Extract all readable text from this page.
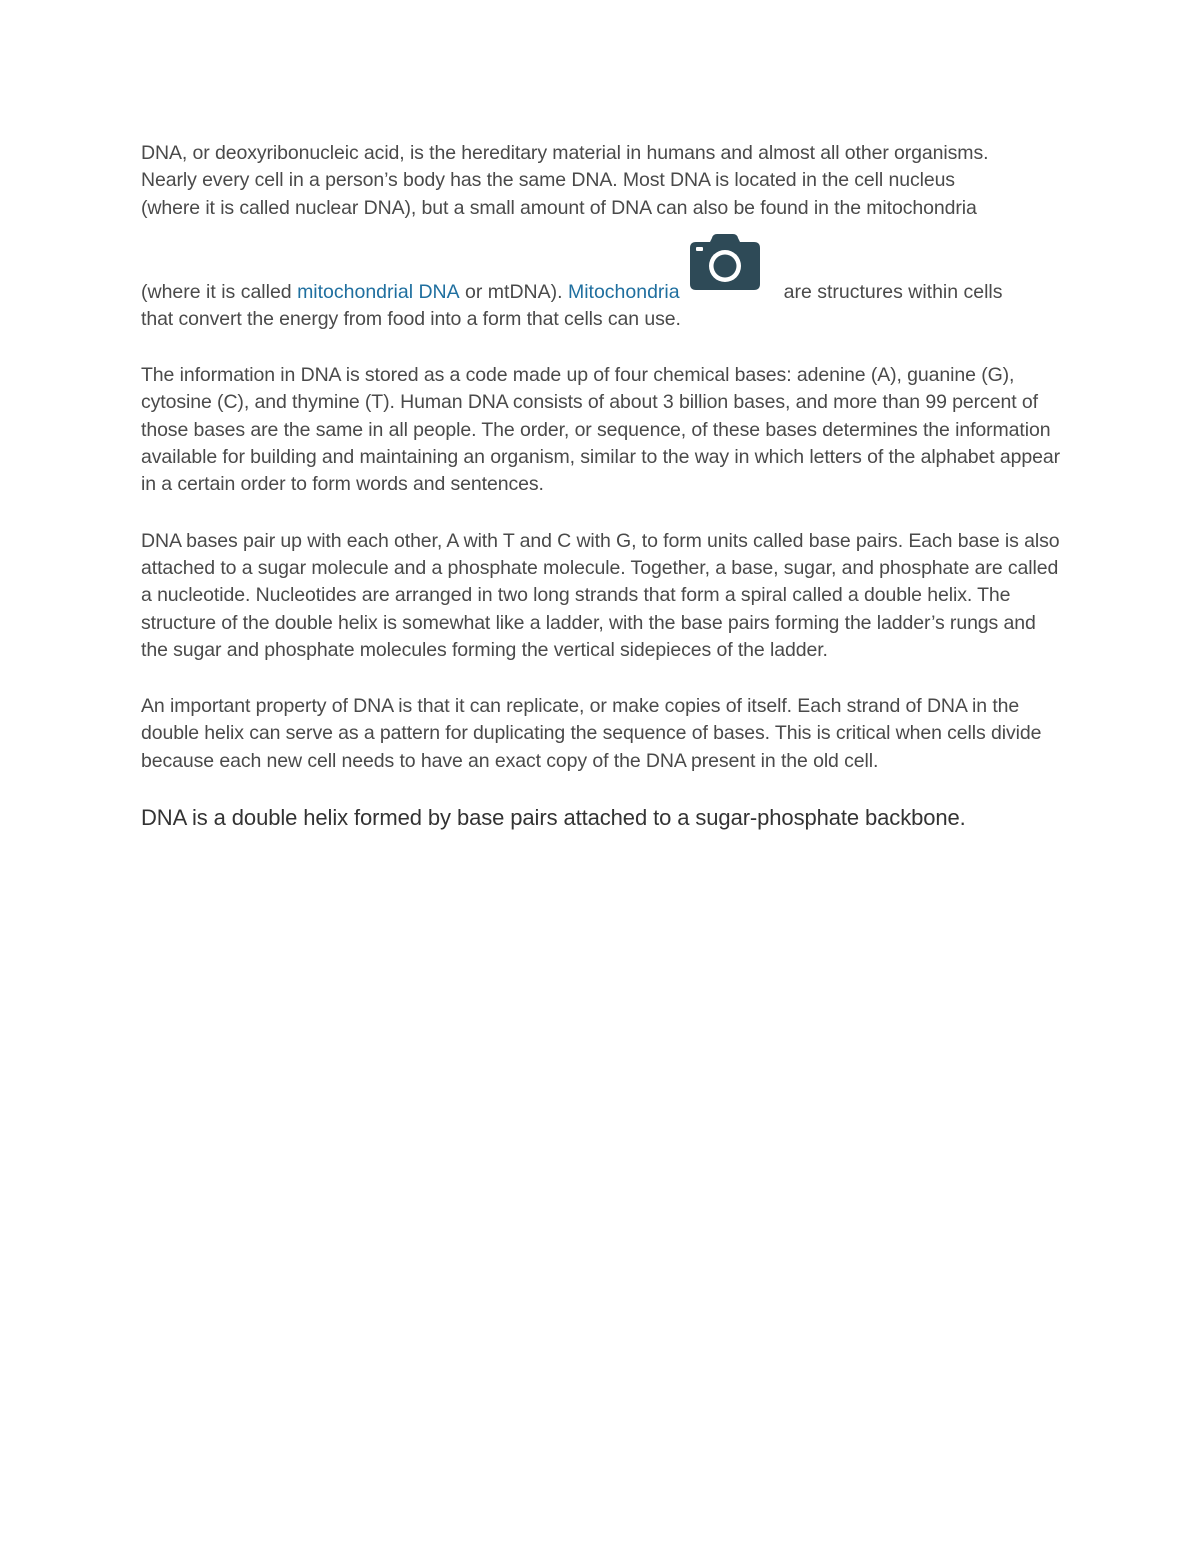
DNA, or deoxyribonucleic acid, is the hereditary material in humans and almost all other organisms.
Nearly every cell in a person’s body has the same DNA. Most DNA is located in the cell nucleus
(where it is called nuclear DNA), but a small amount of DNA can also be found in the mitochondria
(where it is called mitochondrial DNA or mtDNA). Mitochondria	are structures within cells
that convert the energy from food into a form that cells can use.

The information in DNA is stored as a code made up of four chemical bases: adenine (A), guanine (G), cytosine (C), and thymine (T). Human DNA consists of about 3 billion bases, and more than 99 percent of those bases are the same in all people. The order, or sequence, of these bases determines the information available for building and maintaining an organism, similar to the way in which letters of the alphabet appear in a certain order to form words and sentences.

DNA bases pair up with each other, A with T and C with G, to form units called base pairs. Each base is also attached to a sugar molecule and a phosphate molecule. Together, a base, sugar, and phosphate are called a nucleotide. Nucleotides are arranged in two long strands that form a spiral called a double helix. The structure of the double helix is somewhat like a ladder, with the base pairs forming the ladder’s rungs and the sugar and phosphate molecules forming the vertical sidepieces of the ladder.

An important property of DNA is that it can replicate, or make copies of itself. Each strand of DNA in the double helix can serve as a pattern for duplicating the sequence of bases. This is critical when cells divide because each new cell needs to have an exact copy of the DNA present in the old cell.

DNA is a double helix formed by base pairs attached to a sugar-phosphate backbone.
